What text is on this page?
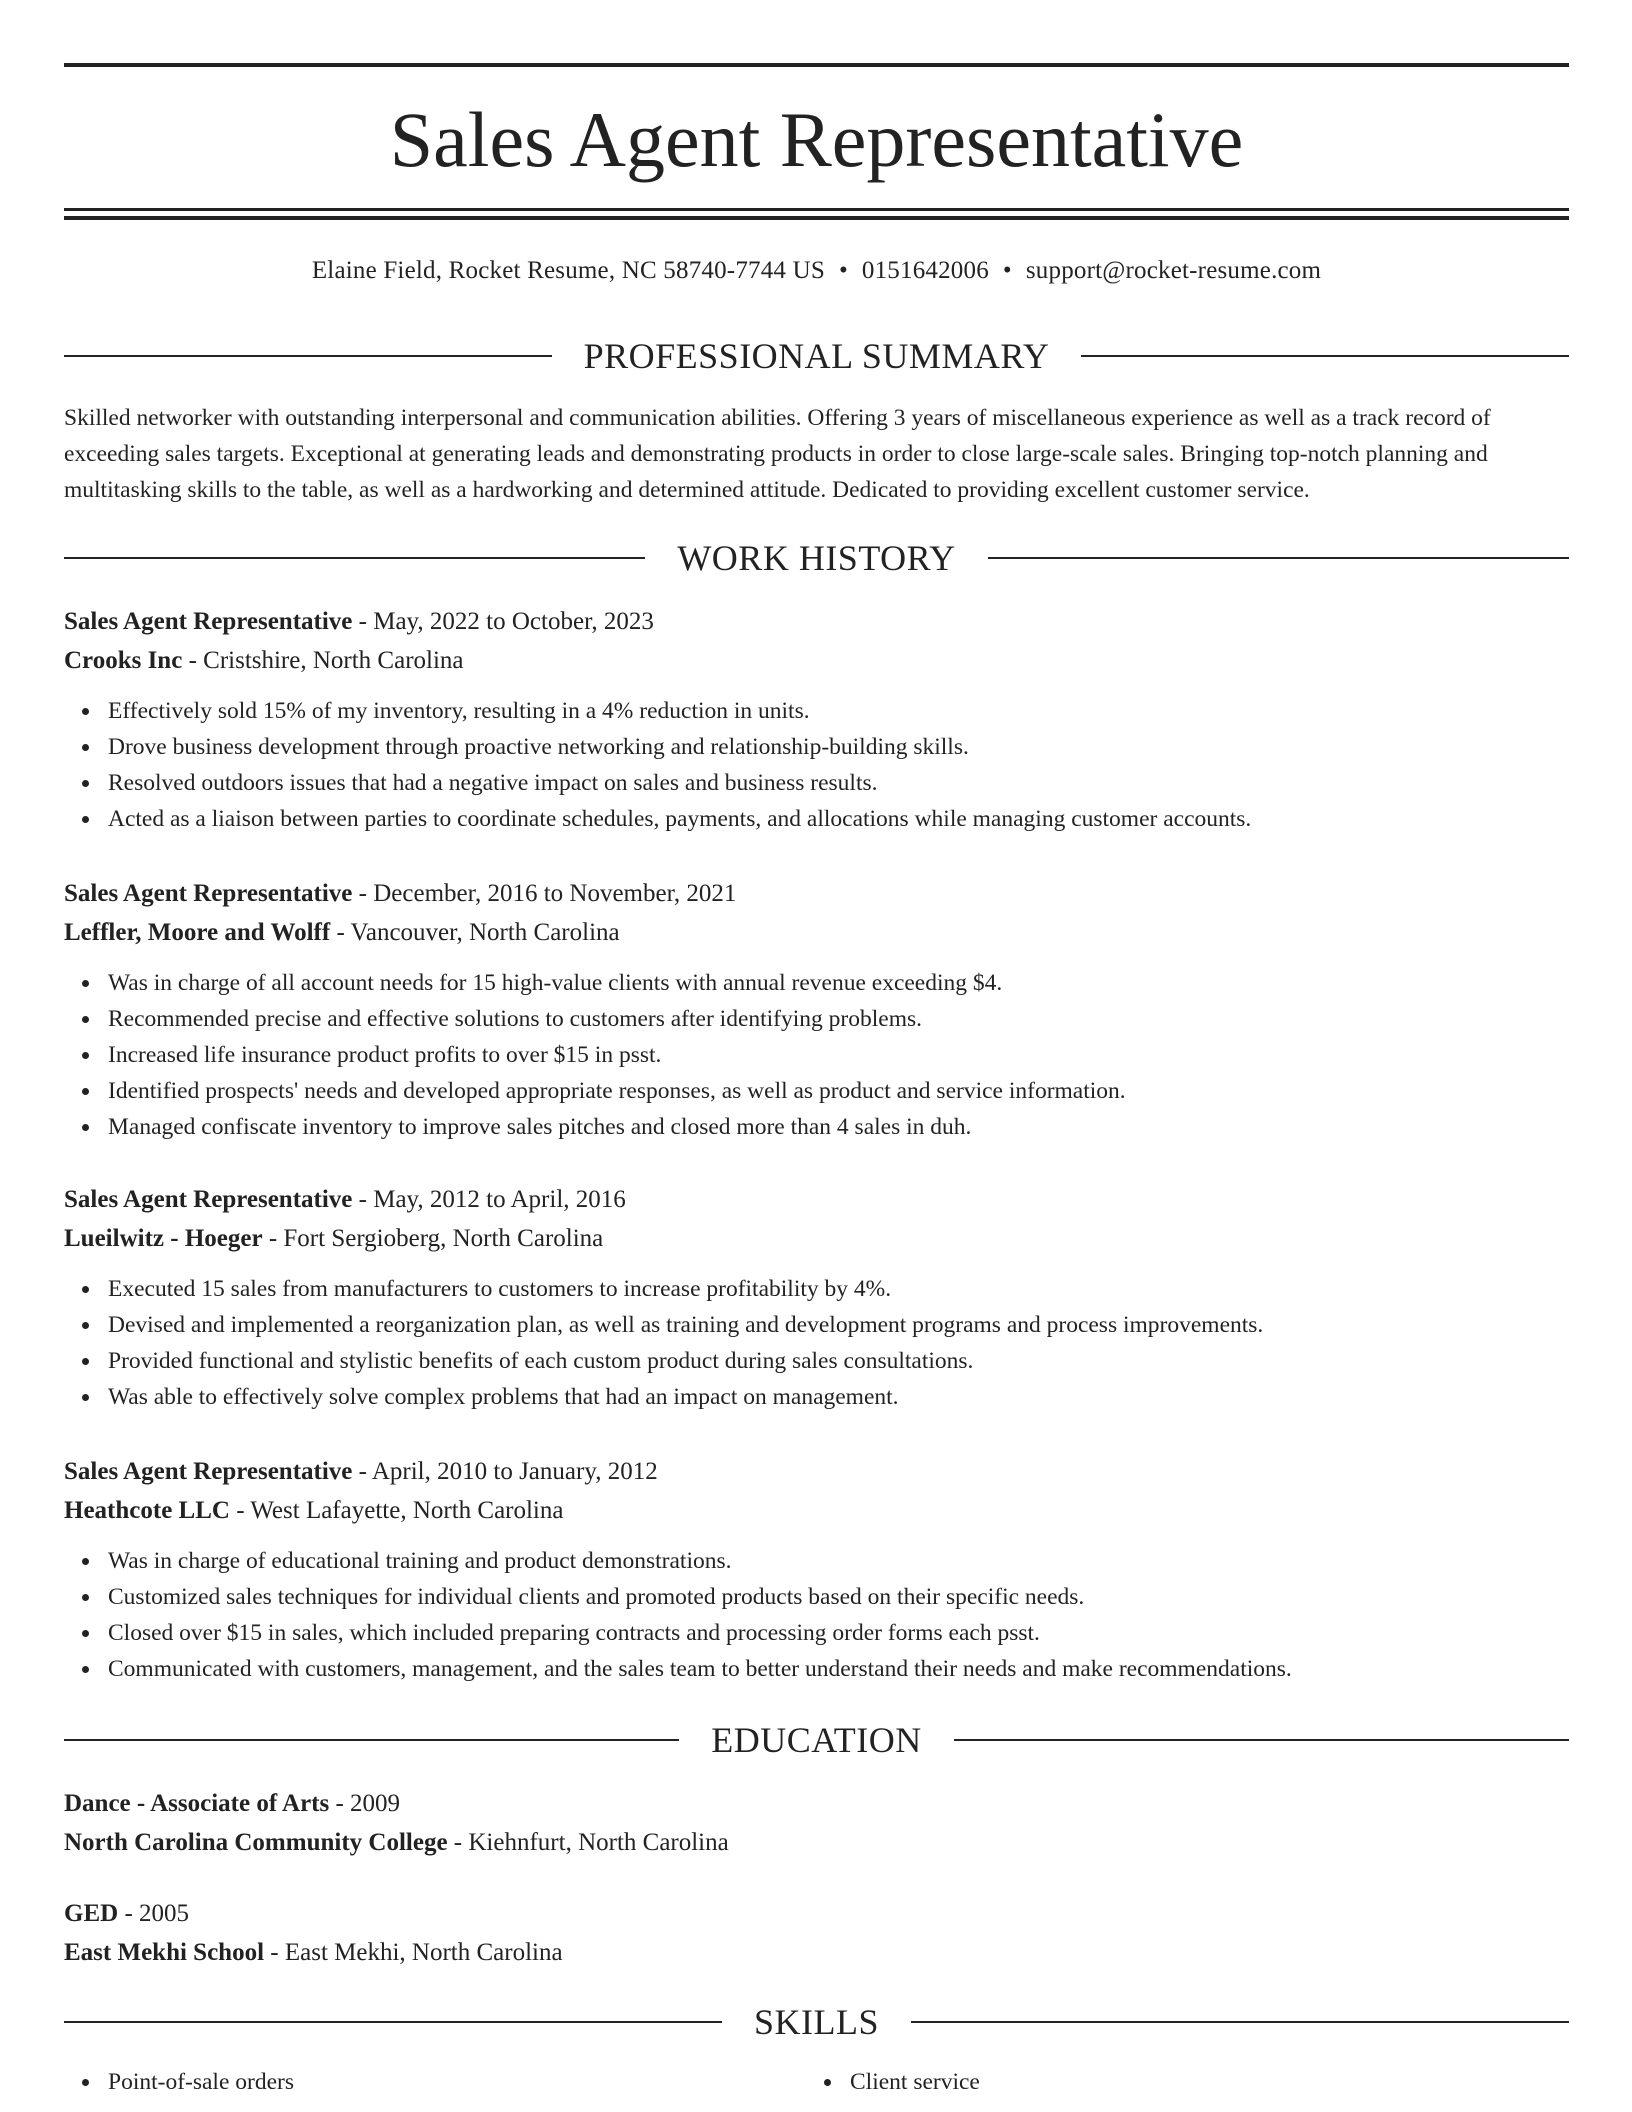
Sales Agent Representative
Elaine Field, Rocket Resume, NC 58740-7744 US • 0151642006 • support@rocket-resume.com
PROFESSIONAL SUMMARY
Skilled networker with outstanding interpersonal and communication abilities. Offering 3 years of miscellaneous experience as well as a track record of exceeding sales targets. Exceptional at generating leads and demonstrating products in order to close large-scale sales. Bringing top-notch planning and multitasking skills to the table, as well as a hardworking and determined attitude. Dedicated to providing excellent customer service.
WORK HISTORY
Sales Agent Representative - May, 2022 to October, 2023
Crooks Inc - Cristshire, North Carolina
Effectively sold 15% of my inventory, resulting in a 4% reduction in units.
Drove business development through proactive networking and relationship-building skills.
Resolved outdoors issues that had a negative impact on sales and business results.
Acted as a liaison between parties to coordinate schedules, payments, and allocations while managing customer accounts.
Sales Agent Representative - December, 2016 to November, 2021
Leffler, Moore and Wolff - Vancouver, North Carolina
Was in charge of all account needs for 15 high-value clients with annual revenue exceeding $4.
Recommended precise and effective solutions to customers after identifying problems.
Increased life insurance product profits to over $15 in psst.
Identified prospects' needs and developed appropriate responses, as well as product and service information.
Managed confiscate inventory to improve sales pitches and closed more than 4 sales in duh.
Sales Agent Representative - May, 2012 to April, 2016
Lueilwitz - Hoeger - Fort Sergioberg, North Carolina
Executed 15 sales from manufacturers to customers to increase profitability by 4%.
Devised and implemented a reorganization plan, as well as training and development programs and process improvements.
Provided functional and stylistic benefits of each custom product during sales consultations.
Was able to effectively solve complex problems that had an impact on management.
Sales Agent Representative - April, 2010 to January, 2012
Heathcote LLC - West Lafayette, North Carolina
Was in charge of educational training and product demonstrations.
Customized sales techniques for individual clients and promoted products based on their specific needs.
Closed over $15 in sales, which included preparing contracts and processing order forms each psst.
Communicated with customers, management, and the sales team to better understand their needs and make recommendations.
EDUCATION
Dance - Associate of Arts - 2009
North Carolina Community College - Kiehnfurt, North Carolina
GED - 2005
East Mekhi School - East Mekhi, North Carolina
SKILLS
Point-of-sale orders	Client service
